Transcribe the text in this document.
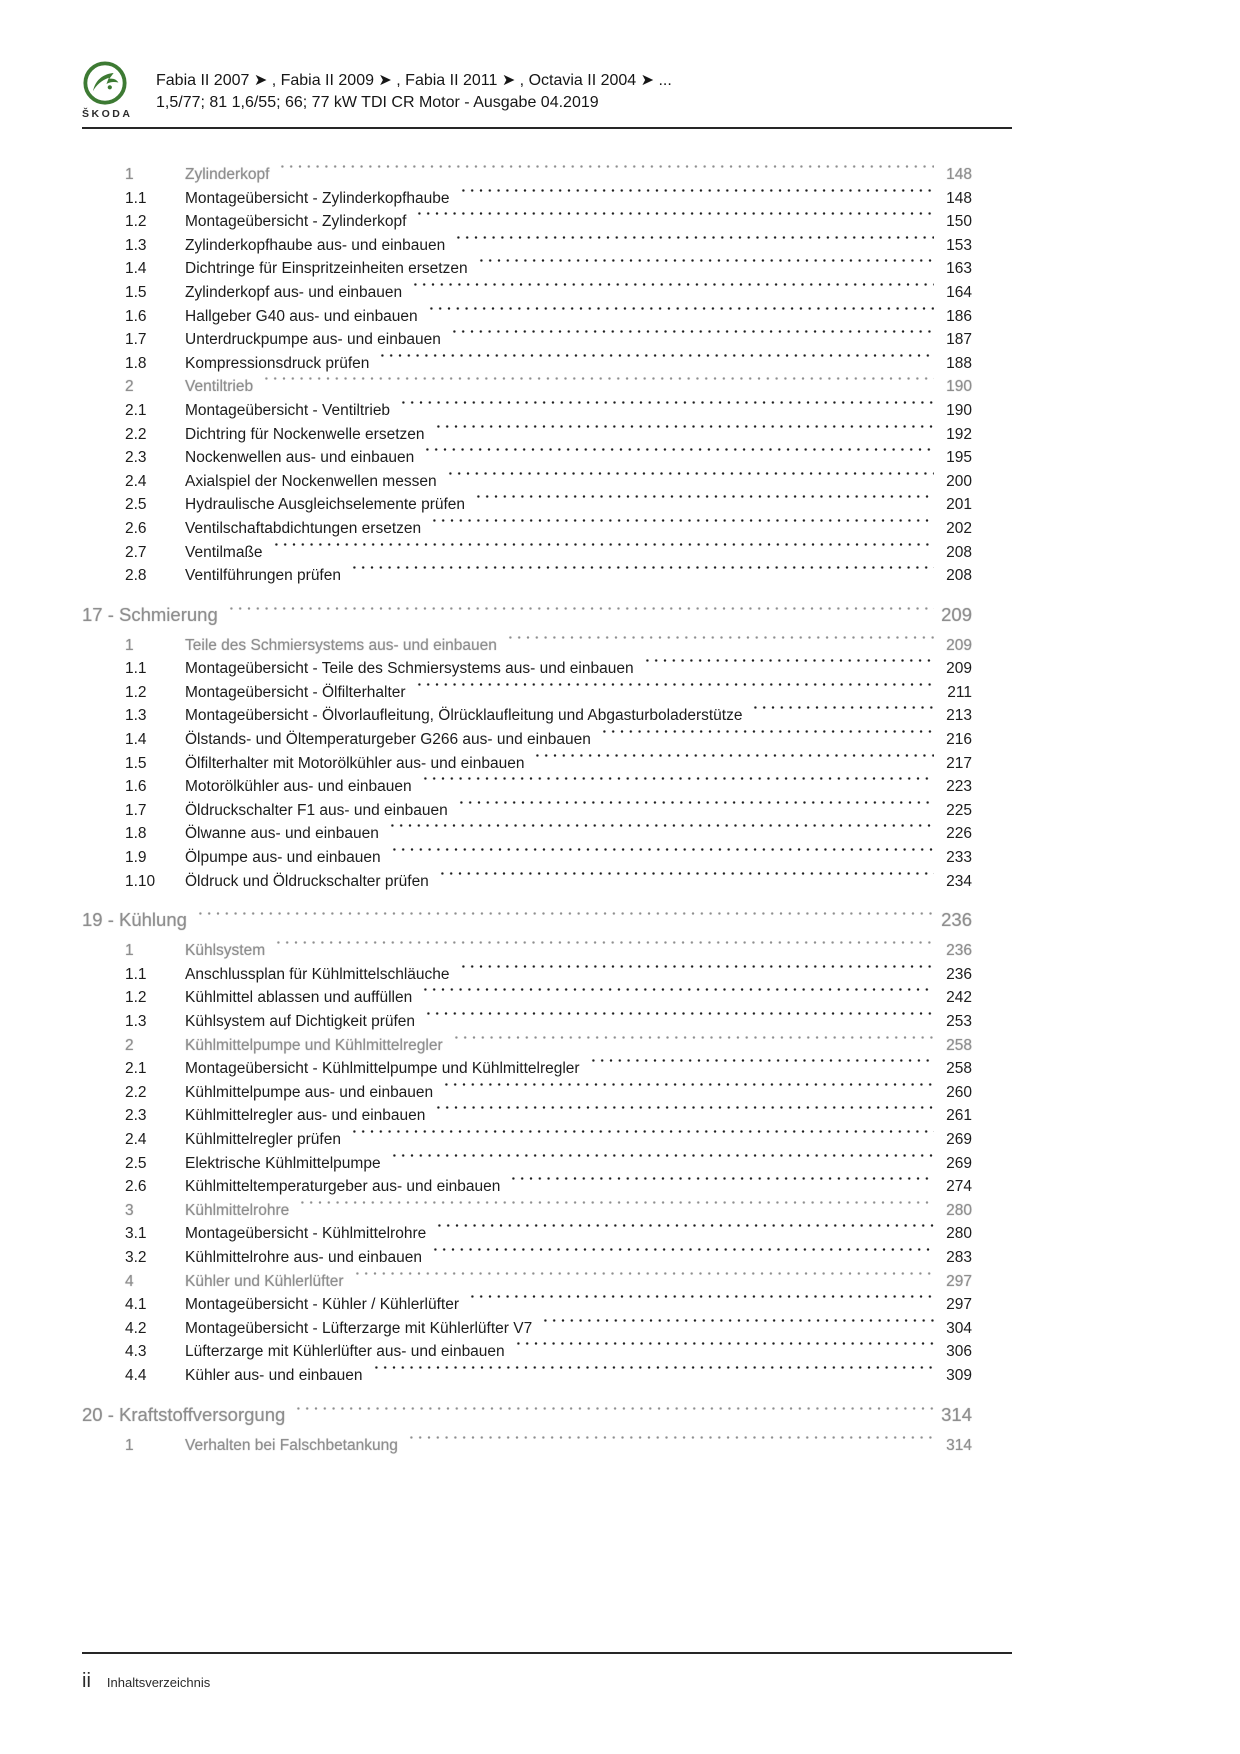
ŠKODA
Fabia II 2007 ➤ , Fabia II 2009 ➤ , Fabia II 2011 ➤ , Octavia II 2004 ➤ ...
1,5/77; 81 1,6/55; 66; 77 kW TDI CR Motor - Ausgabe 04.2019
1	Zylinderkopf	148
1.1	Montageübersicht - Zylinderkopfhaube	148
1.2	Montageübersicht - Zylinderkopf	150
1.3	Zylinderkopfhaube aus- und einbauen	153
1.4	Dichtringe für Einspritzeinheiten ersetzen	163
1.5	Zylinderkopf aus- und einbauen	164
1.6	Hallgeber G40 aus- und einbauen	186
1.7	Unterdruckpumpe aus- und einbauen	187
1.8	Kompressionsdruck prüfen	188
2	Ventiltrieb	190
2.1	Montageübersicht - Ventiltrieb	190
2.2	Dichtring für Nockenwelle ersetzen	192
2.3	Nockenwellen aus- und einbauen	195
2.4	Axialspiel der Nockenwellen messen	200
2.5	Hydraulische Ausgleichselemente prüfen	201
2.6	Ventilschaftabdichtungen ersetzen	202
2.7	Ventilmaße	208
2.8	Ventilführungen prüfen	208
17 - Schmierung	209
1	Teile des Schmiersystems aus- und einbauen	209
1.1	Montageübersicht - Teile des Schmiersystems aus- und einbauen	209
1.2	Montageübersicht - Ölfilterhalter	211
1.3	Montageübersicht - Ölvorlaufleitung, Ölrücklaufleitung und Abgasturboladerstütze	213
1.4	Ölstands- und Öltemperaturgeber G266 aus- und einbauen	216
1.5	Ölfilterhalter mit Motorölkühler aus- und einbauen	217
1.6	Motorölkühler aus- und einbauen	223
1.7	Öldruckschalter F1 aus- und einbauen	225
1.8	Ölwanne aus- und einbauen	226
1.9	Ölpumpe aus- und einbauen	233
1.10	Öldruck und Öldruckschalter prüfen	234
19 - Kühlung	236
1	Kühlsystem	236
1.1	Anschlussplan für Kühlmittelschläuche	236
1.2	Kühlmittel ablassen und auffüllen	242
1.3	Kühlsystem auf Dichtigkeit prüfen	253
2	Kühlmittelpumpe und Kühlmittelregler	258
2.1	Montageübersicht - Kühlmittelpumpe und Kühlmittelregler	258
2.2	Kühlmittelpumpe aus- und einbauen	260
2.3	Kühlmittelregler aus- und einbauen	261
2.4	Kühlmittelregler prüfen	269
2.5	Elektrische Kühlmittelpumpe	269
2.6	Kühlmitteltemperaturgeber aus- und einbauen	274
3	Kühlmittelrohre	280
3.1	Montageübersicht - Kühlmittelrohre	280
3.2	Kühlmittelrohre aus- und einbauen	283
4	Kühler und Kühlerlüfter	297
4.1	Montageübersicht - Kühler / Kühlerlüfter	297
4.2	Montageübersicht - Lüfterzarge mit Kühlerlüfter V7	304
4.3	Lüfterzarge mit Kühlerlüfter aus- und einbauen	306
4.4	Kühler aus- und einbauen	309
20 - Kraftstoffversorgung	314
1	Verhalten bei Falschbetankung	314
ii Inhaltsverzeichnis
